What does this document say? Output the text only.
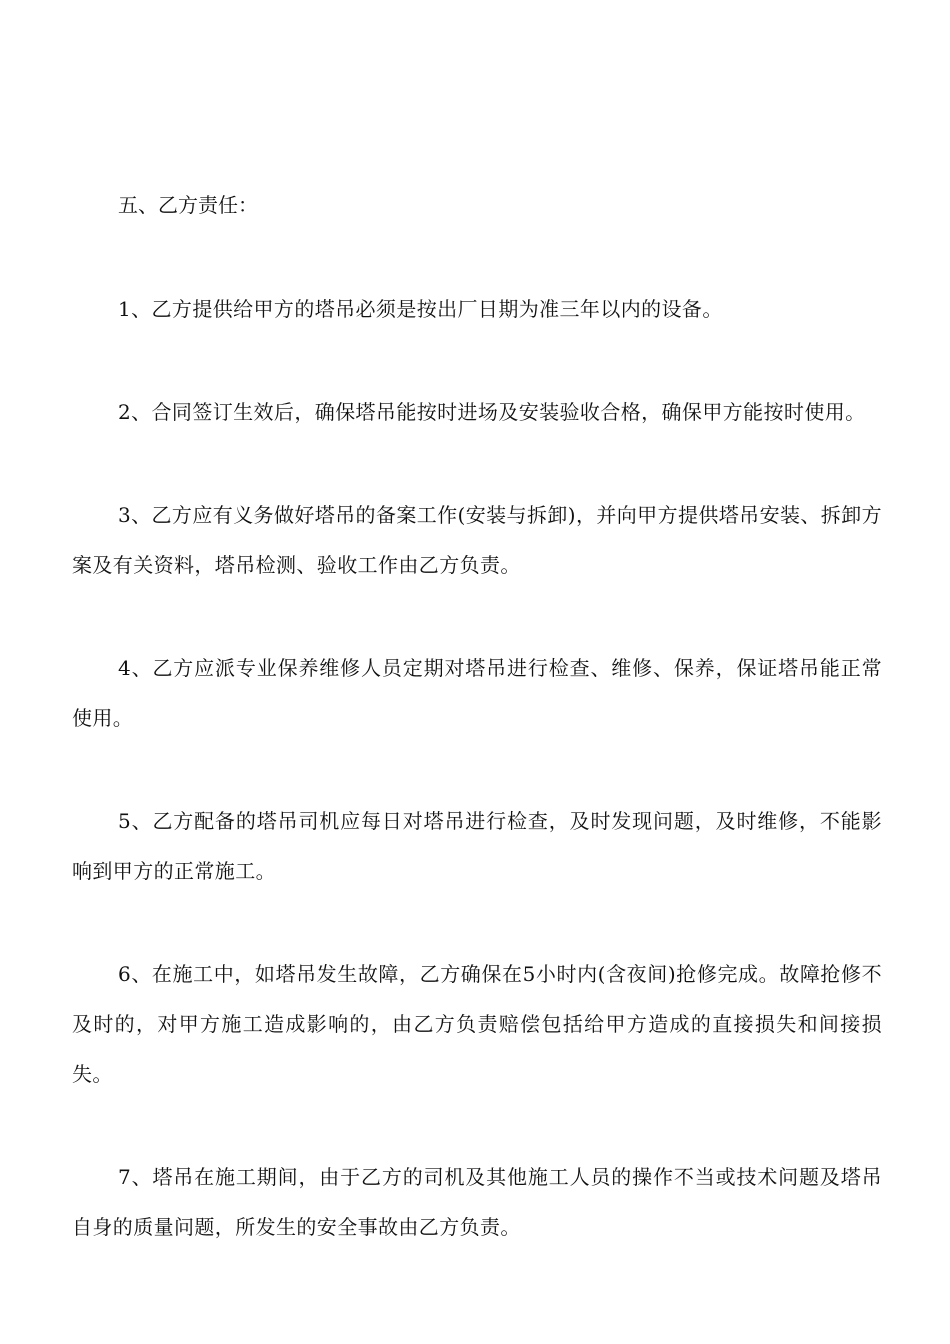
五、乙方责任：

1、乙方提供给甲方的塔吊必须是按出厂日期为准三年以内的设备。

2、合同签订生效后，确保塔吊能按时进场及安装验收合格，确保甲方能按时使用。

3、乙方应有义务做好塔吊的备案工作(安装与拆卸)，并向甲方提供塔吊安装、拆卸方案及有关资料，塔吊检测、验收工作由乙方负责。

4、乙方应派专业保养维修人员定期对塔吊进行检查、维修、保养，保证塔吊能正常使用。

5、乙方配备的塔吊司机应每日对塔吊进行检查，及时发现问题，及时维修，不能影响到甲方的正常施工。

6、在施工中，如塔吊发生故障，乙方确保在5小时内(含夜间)抢修完成。故障抢修不及时的，对甲方施工造成影响的，由乙方负责赔偿包括给甲方造成的直接损失和间接损失。

7、塔吊在施工期间，由于乙方的司机及其他施工人员的操作不当或技术问题及塔吊自身的质量问题，所发生的安全事故由乙方负责。
